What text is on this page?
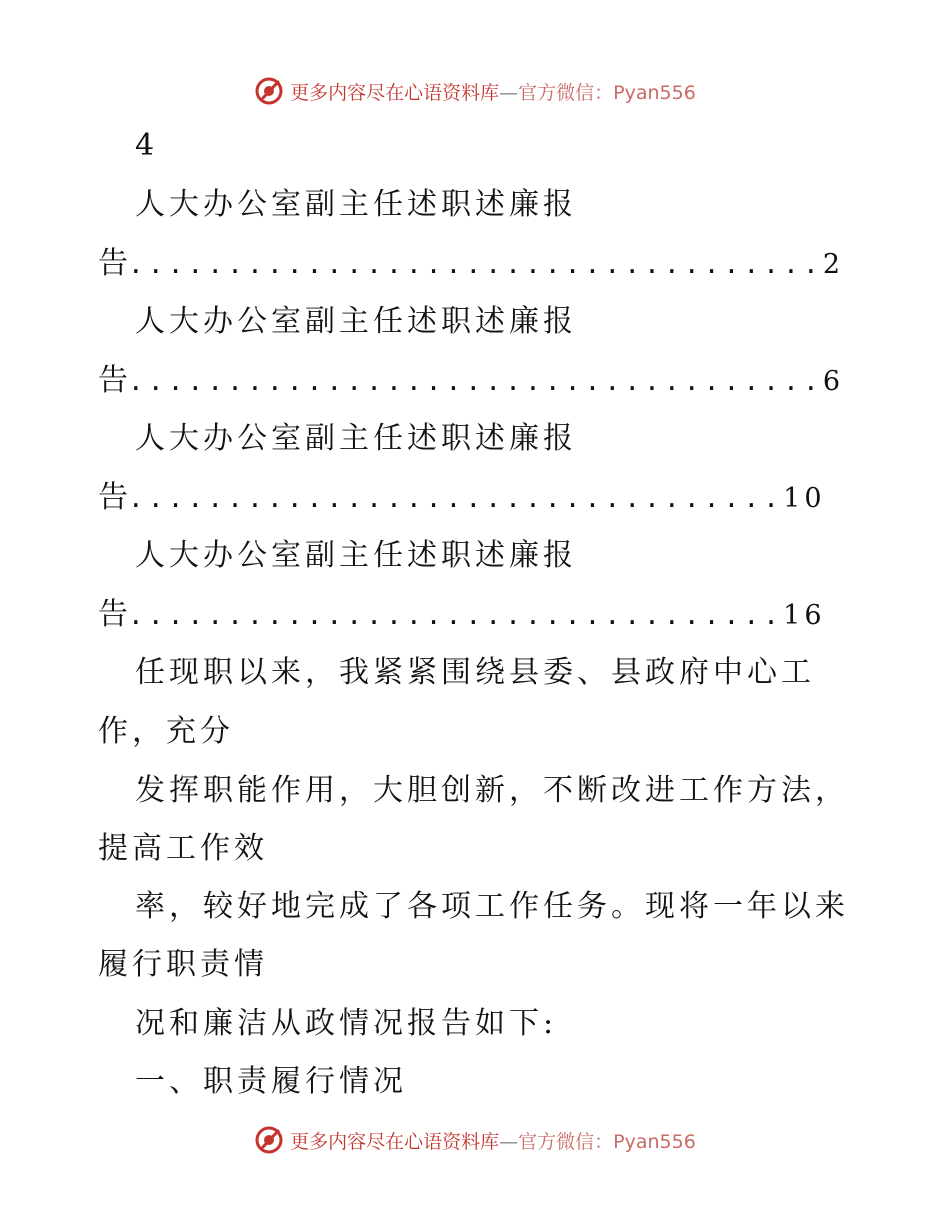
更多内容尽在心语资料库—官方微信：Pyan556
4
人大办公室副主任述职述廉报
告 ................................... 2
人大办公室副主任述职述廉报
告 ................................... 6
人大办公室副主任述职述廉报
告 ................................. 10
人大办公室副主任述职述廉报
告 ................................. 16
任现职以来，我紧紧围绕县委、县政府中心工
作，充分
发挥职能作用，大胆创新，不断改进工作方法，
提高工作效
率，较好地完成了各项工作任务。现将一年以来
履行职责情
况和廉洁从政情况报告如下:
一、职责履行情况
更多内容尽在心语资料库—官方微信：Pyan556
